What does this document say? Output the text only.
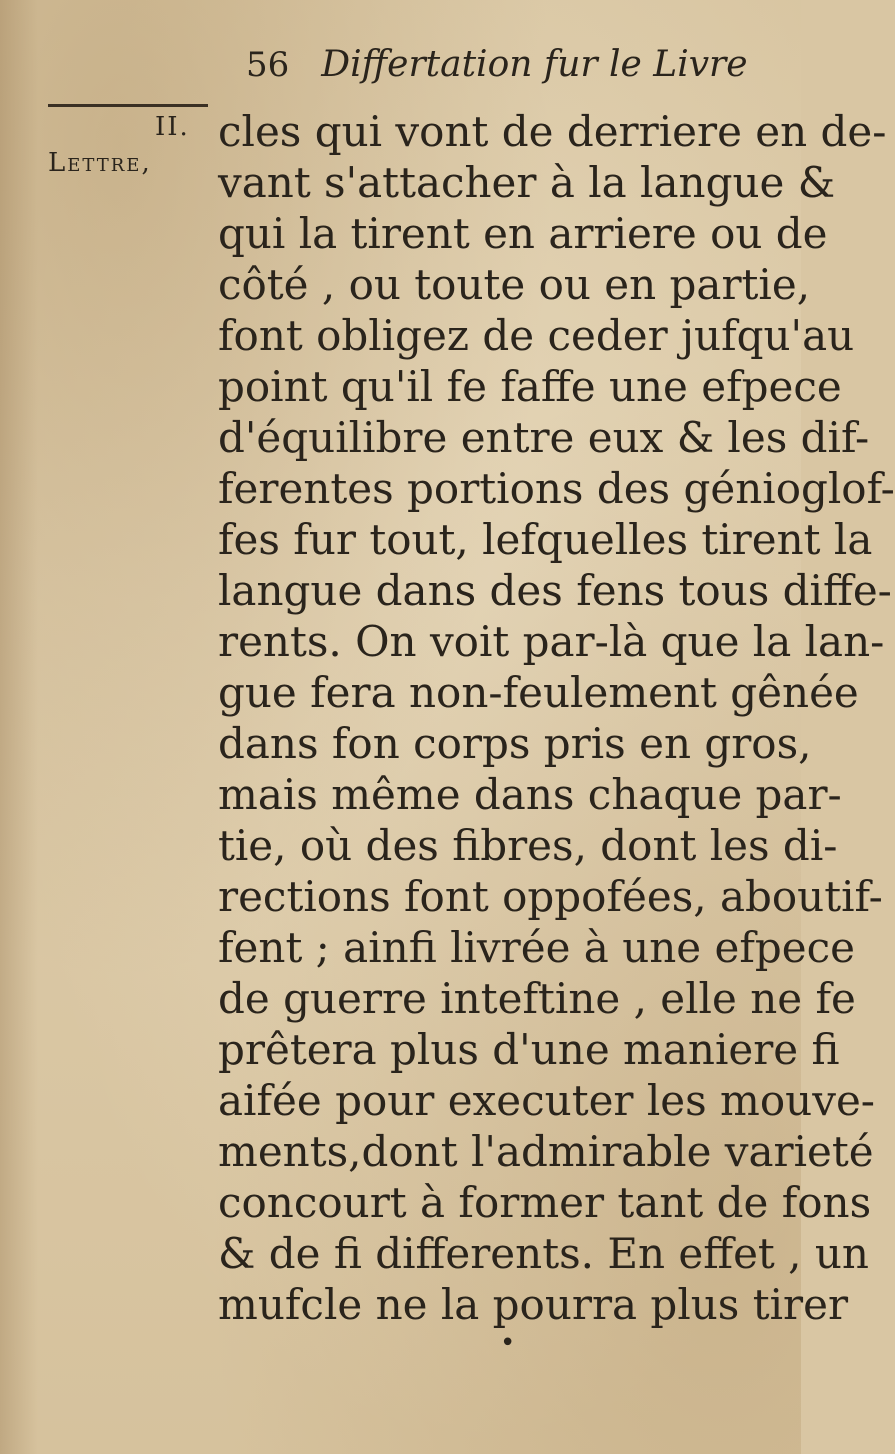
56 Differtation fur le Livre
II.
Lettre,
cles qui vont de derriere en de-
vant s'attacher à la langue &
qui la tirent en arriere ou de
côté , ou toute ou en partie,
font obligez de ceder jufqu'au
point qu'il fe faffe une efpece
d'équilibre entre eux & les dif-
ferentes portions des génioglof-
fes fur tout, lefquelles tirent la
langue dans des fens tous diffe-
rents. On voit par-là que la lan-
gue fera non-feulement gênée
dans fon corps pris en gros,
mais même dans chaque par-
tie, où des fibres, dont les di-
rections font oppofées, aboutif-
fent ; ainfi livrée à une efpece
de guerre inteftine , elle ne fe
prêtera plus d'une maniere fi
aifée pour executer les mouve-
ments,dont l'admirable varieté
concourt à former tant de fons
& de fi differents. En effet , un
mufcle ne la pourra plus tirer
•
